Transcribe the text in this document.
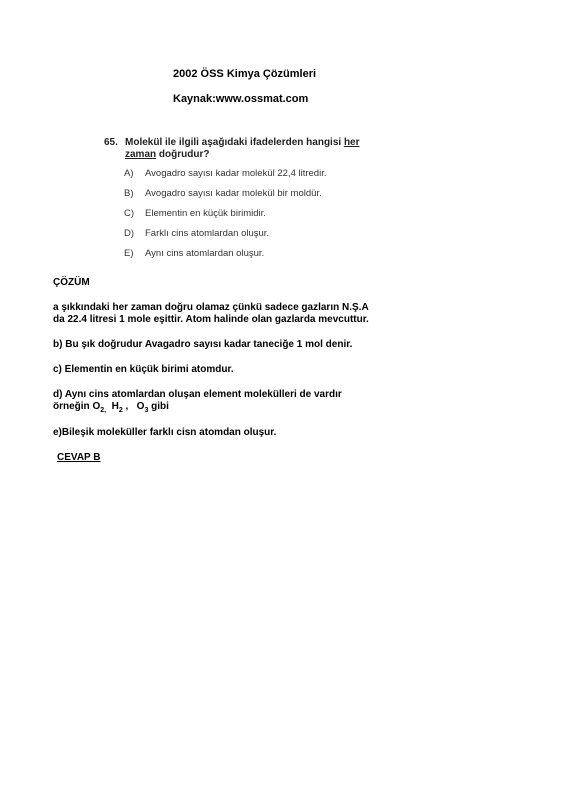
2002 ÖSS Kimya Çözümleri
Kaynak:www.ossmat.com
65. Molekül ile ilgili aşağıdaki ifadelerden hangisi her
zaman doğrudur?
A) Avogadro sayısı kadar molekül 22,4 litredir.
B) Avogadro sayısı kadar molekül bir moldür.
C) Elementin en küçük birimidir.
D) Farklı cins atomlardan oluşur.
E) Aynı cins atomlardan oluşur.
ÇÖZÜM
a şıkkındaki her zaman doğru olamaz çünkü sadece gazların N.Ş.A
da 22.4 litresi 1 mole eşittir. Atom halinde olan gazlarda mevcuttur.
b) Bu şık doğrudur Avagadro sayısı kadar taneciğe 1 mol denir.
c) Elementin en küçük birimi atomdur.
d) Aynı cins atomlardan oluşan element molekülleri de vardır
örneğin $O_{2,}$  $H_2$ ,   $O_3$ gibi
e)Bileşik moleküller farklı cisn atomdan oluşur.
CEVAP B
